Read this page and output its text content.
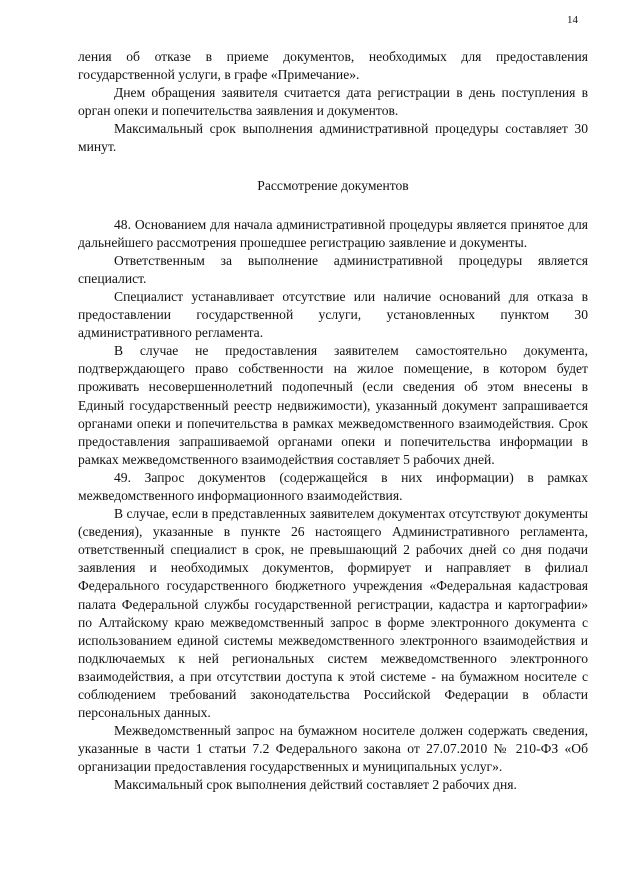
14

ления об отказе в приеме документов, необходимых для предоставления государственной услуги, в графе «Примечание».

Днем обращения заявителя считается дата регистрации в день поступления в орган опеки и попечительства заявления и документов.

Максимальный срок выполнения административной процедуры составляет 30 минут.

Рассмотрение документов

48. Основанием для начала административной процедуры является принятое для дальнейшего рассмотрения прошедшее регистрацию заявление и документы.

Ответственным за выполнение административной процедуры является специалист.

Специалист устанавливает отсутствие или наличие оснований для отказа в предоставлении государственной услуги, установленных пунктом 30 административного регламента.

В случае не предоставления заявителем самостоятельно документа, подтверждающего право собственности на жилое помещение, в котором будет проживать несовершеннолетний подопечный (если сведения об этом внесены в Единый государственный реестр недвижимости), указанный документ запрашивается органами опеки и попечительства в рамках межведомственного взаимодействия. Срок предоставления запрашиваемой органами опеки и попечительства информации в рамках межведомственного взаимодействия составляет 5 рабочих дней.

49. Запрос документов (содержащейся в них информации) в рамках межведомственного информационного взаимодействия.

В случае, если в представленных заявителем документах отсутствуют документы (сведения), указанные в пункте 26 настоящего Административного регламента, ответственный специалист в срок, не превышающий 2 рабочих дней со дня подачи заявления и необходимых документов, формирует и направляет в филиал Федерального государственного бюджетного учреждения «Федеральная кадастровая палата Федеральной службы государственной регистрации, кадастра и картографии» по Алтайскому краю межведомственный запрос в форме электронного документа с использованием единой системы межведомственного электронного взаимодействия и подключаемых к ней региональных систем межведомственного электронного взаимодействия, а при отсутствии доступа к этой системе - на бумажном носителе с соблюдением требований законодательства Российской Федерации в области персональных данных.

Межведомственный запрос на бумажном носителе должен содержать сведения, указанные в части 1 статьи 7.2 Федерального закона от 27.07.2010 № 210-ФЗ «Об организации предоставления государственных и муниципальных услуг».

Максимальный срок выполнения действий составляет 2 рабочих дня.
